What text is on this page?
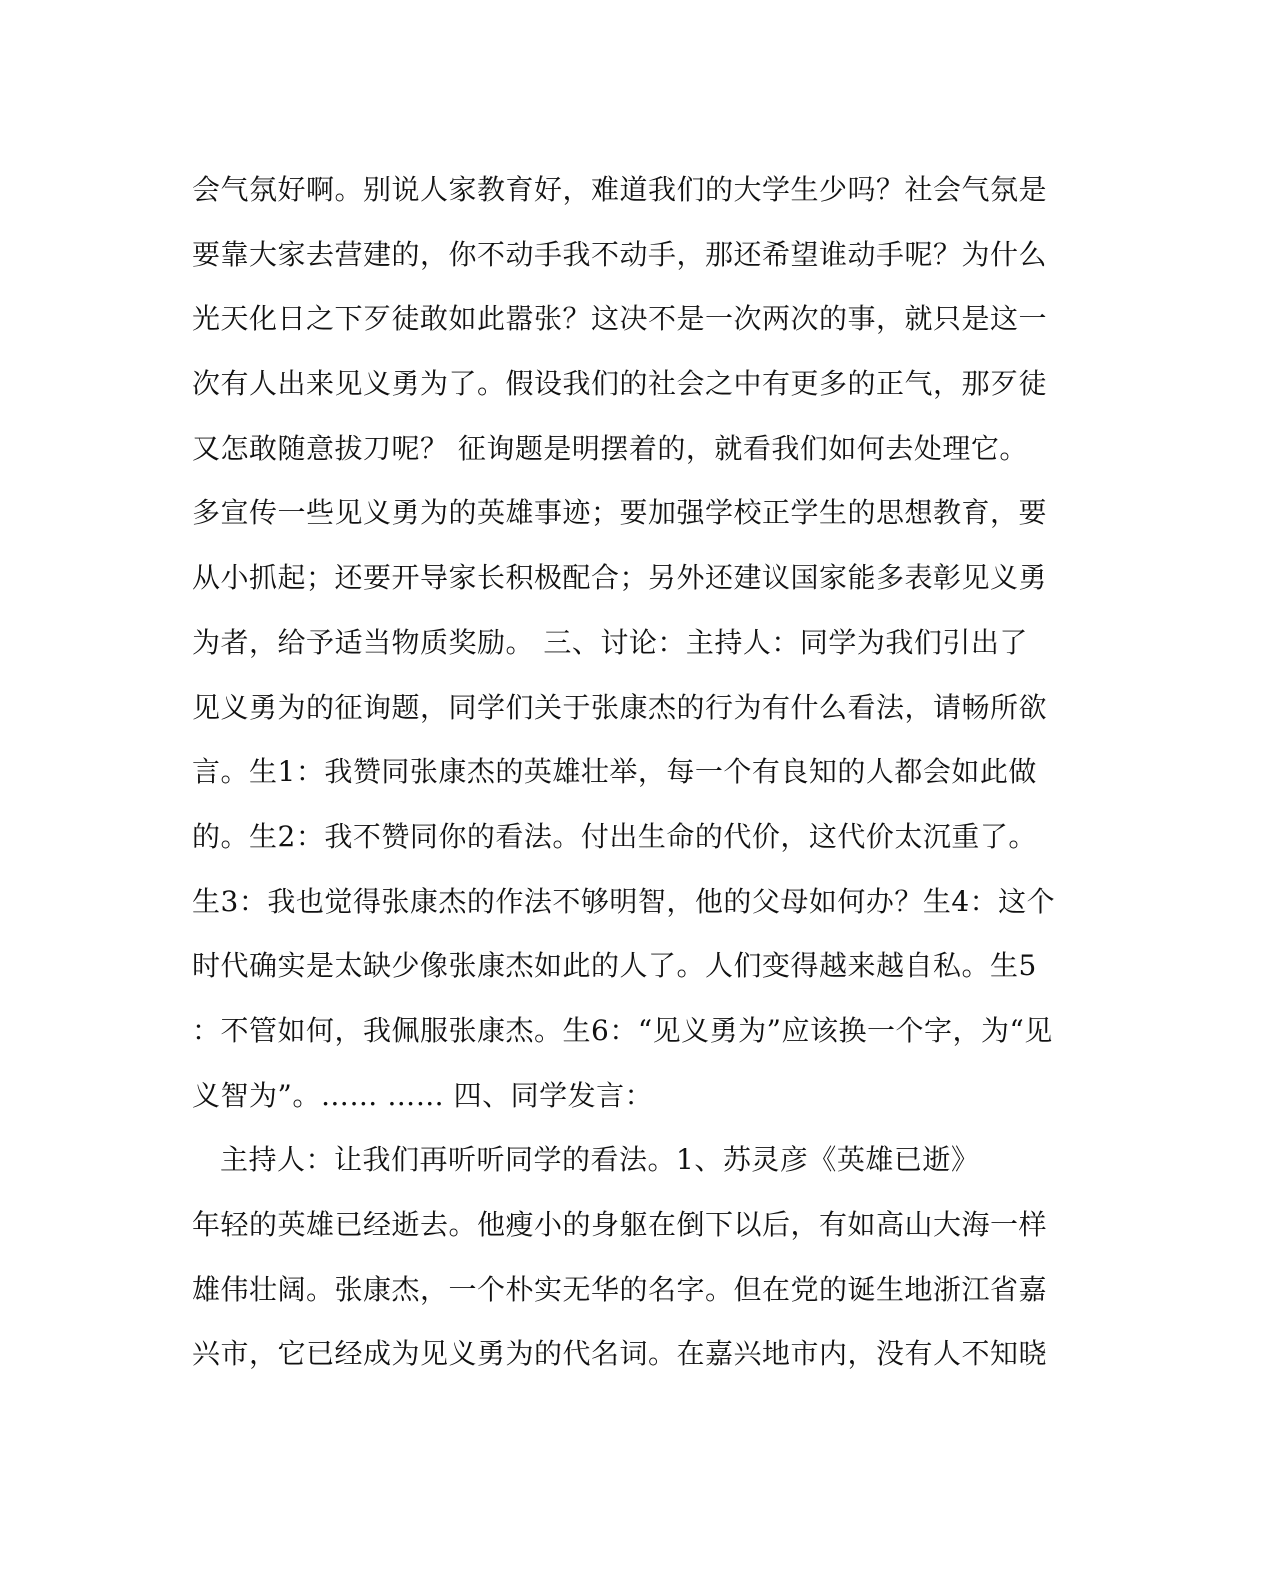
会气氛好啊。别说人家教育好，难道我们的大学生少吗？社会气氛是
要靠大家去营建的，你不动手我不动手，那还希望谁动手呢？为什么
光天化日之下歹徒敢如此嚣张？这决不是一次两次的事，就只是这一
次有人出来见义勇为了。假设我们的社会之中有更多的正气，那歹徒
又怎敢随意拔刀呢？ 征询题是明摆着的，就看我们如何去处理它。
多宣传一些见义勇为的英雄事迹；要加强学校正学生的思想教育，要
从小抓起；还要开导家长积极配合；另外还建议国家能多表彰见义勇
为者，给予适当物质奖励。 三、讨论：主持人：同学为我们引出了
见义勇为的征询题，同学们关于张康杰的行为有什么看法，请畅所欲
言。生1：我赞同张康杰的英雄壮举，每一个有良知的人都会如此做
的。生2：我不赞同你的看法。付出生命的代价，这代价太沉重了。
生3：我也觉得张康杰的作法不够明智，他的父母如何办？生4：这个
时代确实是太缺少像张康杰如此的人了。人们变得越来越自私。生5
：不管如何，我佩服张康杰。生6：“见义勇为”应该换一个字，为“见
义智为”。…… …… 四、同学发言：
主持人：让我们再听听同学的看法。1、苏灵彦《英雄已逝》
年轻的英雄已经逝去。他瘦小的身躯在倒下以后，有如高山大海一样
雄伟壮阔。张康杰，一个朴实无华的名字。但在党的诞生地浙江省嘉
兴市，它已经成为见义勇为的代名词。在嘉兴地市内，没有人不知晓
